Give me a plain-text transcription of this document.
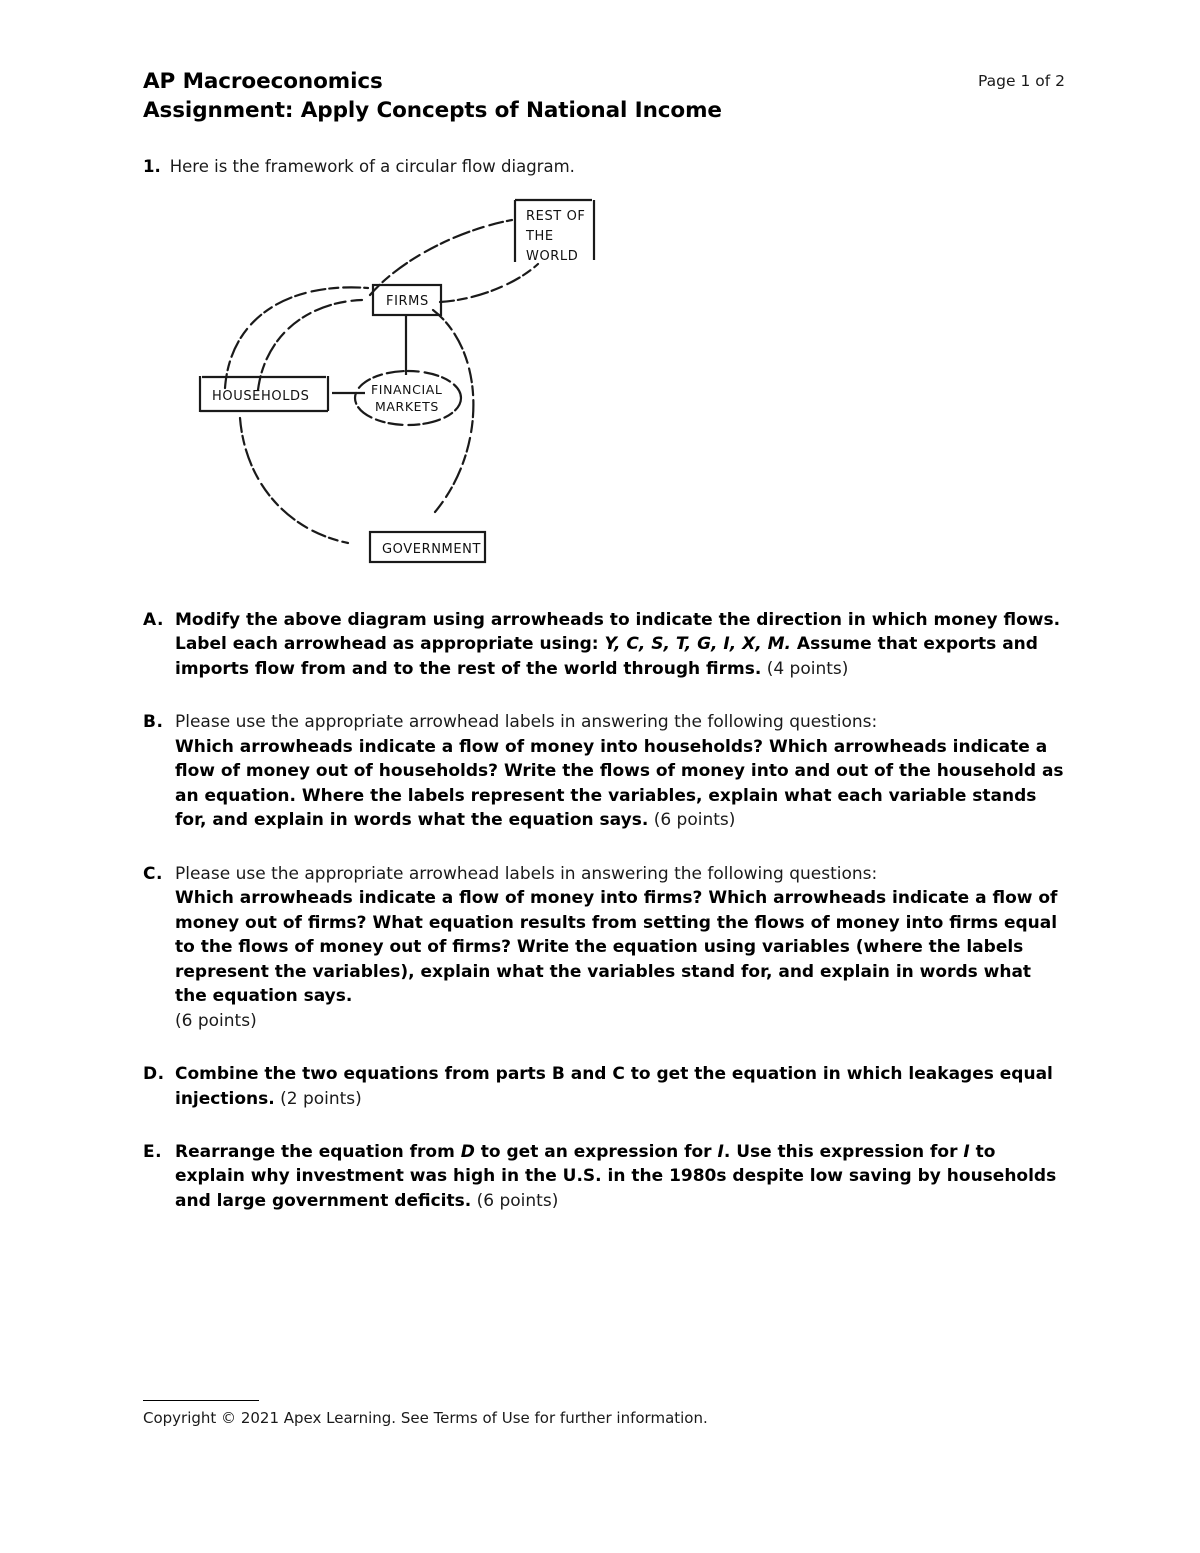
AP Macroeconomics
Assignment: Apply Concepts of National Income
Page 1 of 2
1. Here is the framework of a circular flow diagram.
REST OF
THE
WORLD
FIRMS
HOUSEHOLDS	FINANCIAL
MARKETS
GOVERNMENT
A. Modify the above diagram using arrowheads to indicate the direction in which money flows. Label each arrowhead as appropriate using: Y, C, S, T, G, I, X, M. Assume that exports and imports flow from and to the rest of the world through firms. (4 points)
B. Please use the appropriate arrowhead labels in answering the following questions:
Which arrowheads indicate a flow of money into households? Which arrowheads indicate a flow of money out of households? Write the flows of money into and out of the household as an equation. Where the labels represent the variables, explain what each variable stands for, and explain in words what the equation says. (6 points)
C. Please use the appropriate arrowhead labels in answering the following questions:
Which arrowheads indicate a flow of money into firms? Which arrowheads indicate a flow of money out of firms? What equation results from setting the flows of money into firms equal to the flows of money out of firms? Write the equation using variables (where the labels represent the variables), explain what the variables stand for, and explain in words what the equation says.
(6 points)
D. Combine the two equations from parts B and C to get the equation in which leakages equal injections. (2 points)
E. Rearrange the equation from D to get an expression for I. Use this expression for I to explain why investment was high in the U.S. in the 1980s despite low saving by households and large government deficits. (6 points)
Copyright © 2021 Apex Learning. See Terms of Use for further information.
